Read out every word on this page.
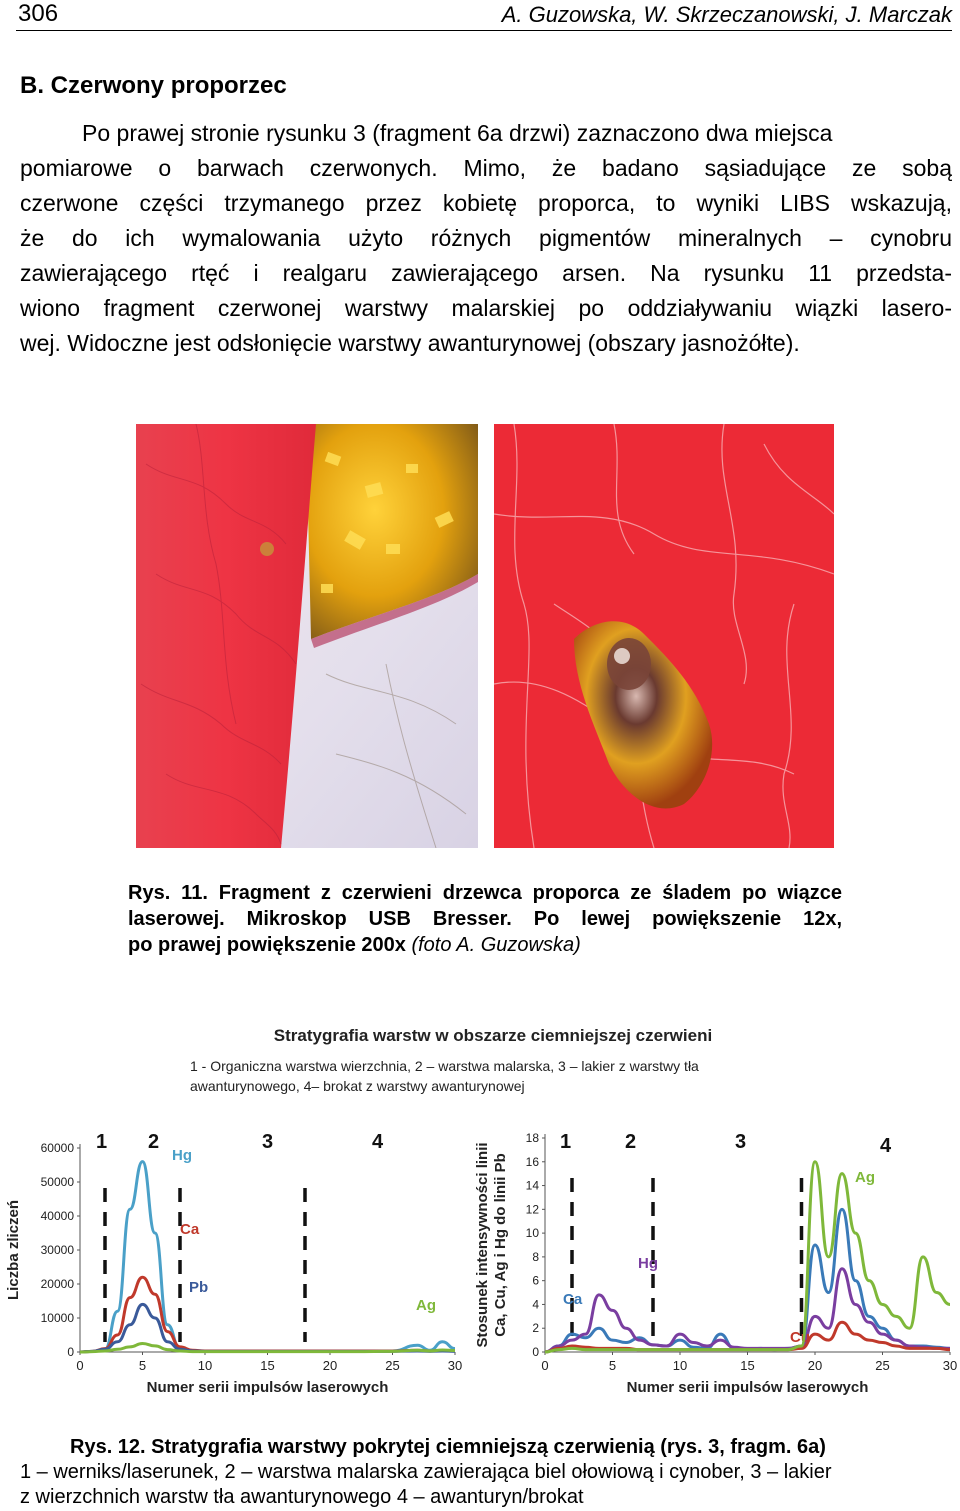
306	A. Guzowska, W. Skrzeczanowski, J. Marczak
B. Czerwony proporzec
Po prawej stronie rysunku 3 (fragment 6a drzwi) zaznaczono dwa miejsca
pomiarowe o barwach czerwonych. Mimo, że badano sąsiadujące ze sobą
czerwone części trzymanego przez kobietę proporca, to wyniki LIBS wskazują,
że do ich wymalowania użyto różnych pigmentów mineralnych – cynobru
zawierającego rtęć i realgaru zawierającego arsen. Na rysunku 11 przedsta-
wiono fragment czerwonej warstwy malarskiej po oddziaływaniu wiązki lasero-
wej. Widoczne jest odsłonięcie warstwy awanturynowej (obszary jasnożółte).
Rys. 11. Fragment z czerwieni drzewca proporca ze śladem po wiązce
laserowej. Mikroskop USB Bresser. Po lewej powiększenie 12x,
po prawej powiększenie 200x (foto A. Guzowska)
Stratygrafia warstw w obszarze ciemniejszej czerwieni
1 - Organiczna warstwa wierzchnia, 2 – warstwa malarska, 3 – lakier z warstwy tła
awanturynowego, 4– brokat z warstwy awanturynowej
0
10000
20000
30000
40000
50000
60000
0	5	10	15	20	25	30
Numer serii impulsów laserowych
Liczba zliczeń
1 2	3	4
Hg
Ca
Pb
Ag
0
2
4
6
8
10
12
14
16
18
0	5	10	15	20	25	30
Numer serii impulsów laserowych
Stosunek intensywności liniiCa, Cu, Ag i Hg do linii Pb
1	2	3	4
Ca
Hg
Cu
Ag
Rys. 12. Stratygrafia warstwy pokrytej ciemniejszą czerwienią (rys. 3, fragm. 6a)
1 – werniks/laserunek, 2 – warstwa malarska zawierająca biel ołowiową i cynober, 3 – lakier
z wierzchnich warstw tła awanturynowego 4 – awanturyn/brokat
